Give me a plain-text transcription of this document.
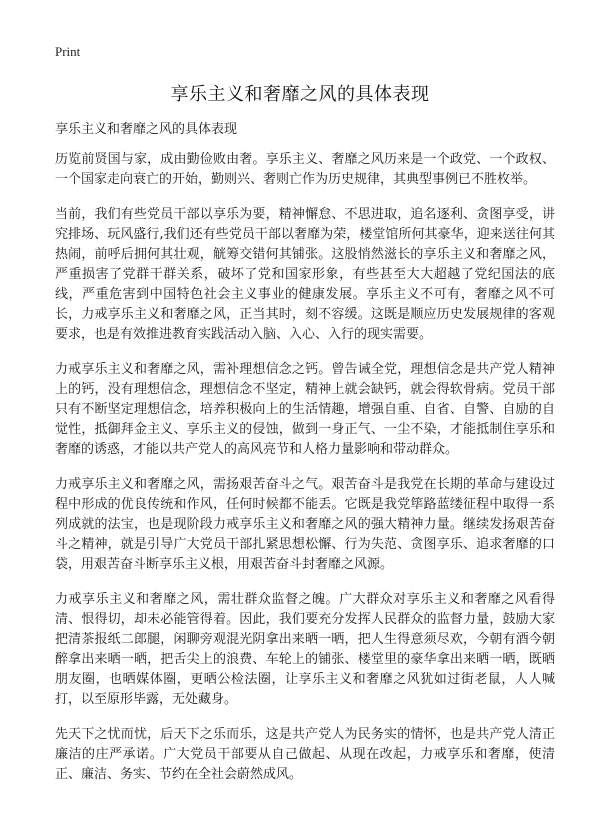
Print
享乐主义和奢靡之风的具体表现

享乐主义和奢靡之风的具体表现

历览前贤国与家，成由勤俭败由奢。享乐主义、奢靡之风历来是一个政党、一个政权、一个国家走向衰亡的开始，勤则兴、奢则亡作为历史规律，其典型事例已不胜枚举。

当前，我们有些党员干部以享乐为要，精神懈怠、不思进取，追名逐利、贪图享受，讲究排场、玩风盛行,我们还有些党员干部以奢靡为荣，楼堂馆所何其豪华，迎来送往何其热闹，前呼后拥何其壮观，觥筹交错何其铺张。这股悄然滋长的享乐主义和奢靡之风，严重损害了党群干群关系，破坏了党和国家形象，有些甚至大大超越了党纪国法的底线，严重危害到中国特色社会主义事业的健康发展。享乐主义不可有，奢靡之风不可长，力戒享乐主义和奢靡之风，正当其时，刻不容缓。这既是顺应历史发展规律的客观要求，也是有效推进教育实践活动入脑、入心、入行的现实需要。

力戒享乐主义和奢靡之风，需补理想信念之钙。曾告诫全党，理想信念是共产党人精神上的钙，没有理想信念，理想信念不坚定，精神上就会缺钙，就会得软骨病。党员干部只有不断坚定理想信念，培养积极向上的生活情趣，增强自重、自省、自警、自励的自觉性，抵御拜金主义、享乐主义的侵蚀，做到一身正气、一尘不染，才能抵制住享乐和奢靡的诱惑，才能以共产党人的高风亮节和人格力量影响和带动群众。

力戒享乐主义和奢靡之风，需扬艰苦奋斗之气。艰苦奋斗是我党在长期的革命与建设过程中形成的优良传统和作风，任何时候都不能丢。它既是我党筚路蓝缕征程中取得一系列成就的法宝，也是现阶段力戒享乐主义和奢靡之风的强大精神力量。继续发扬艰苦奋斗之精神，就是引导广大党员干部扎紧思想松懈、行为失范、贪图享乐、追求奢靡的口袋，用艰苦奋斗断享乐主义根，用艰苦奋斗封奢靡之风源。

力戒享乐主义和奢靡之风，需壮群众监督之魄。广大群众对享乐主义和奢靡之风看得清、恨得切，却未必能管得着。因此，我们要充分发挥人民群众的监督力量，鼓励大家把清茶报纸二郎腿，闲聊旁观混光阴拿出来晒一晒，把人生得意须尽欢，今朝有酒今朝醉拿出来晒一晒，把舌尖上的浪费、车轮上的铺张、楼堂里的豪华拿出来晒一晒，既晒朋友圈，也晒媒体圈，更晒公检法圈，让享乐主义和奢靡之风犹如过街老鼠，人人喊打，以至原形毕露，无处藏身。

先天下之忧而忧，后天下之乐而乐，这是共产党人为民务实的情怀，也是共产党人清正廉洁的庄严承诺。广大党员干部要从自己做起、从现在改起，力戒享乐和奢靡，使清正、廉洁、务实、节约在全社会蔚然成风。
